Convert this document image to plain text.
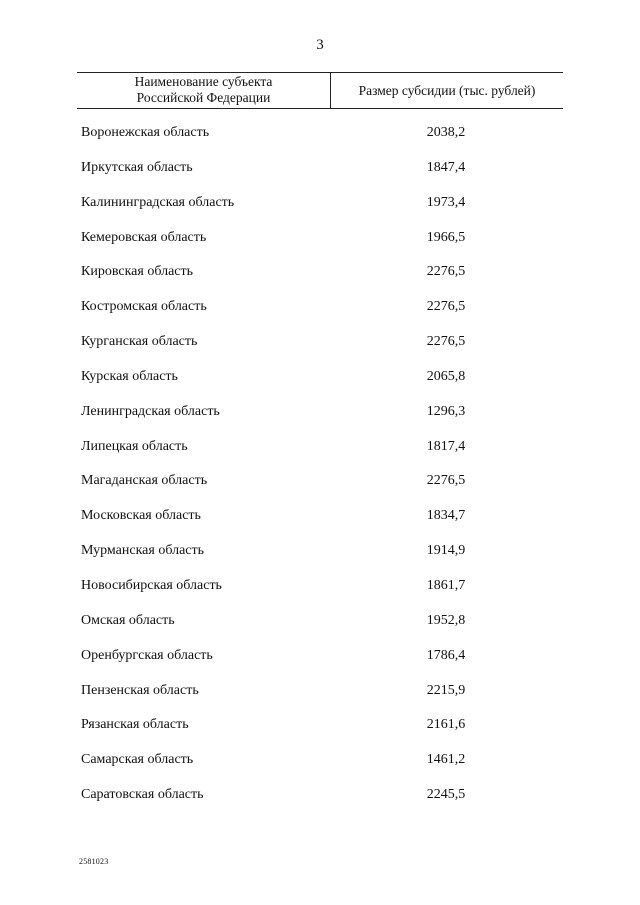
3
Наименование субъекта
Российской Федерации	Размер субсидии (тыс. рублей)
Воронежская область	2038,2
Иркутская область	1847,4
Калининградская область	1973,4
Кемеровская область	1966,5
Кировская область	2276,5
Костромская область	2276,5
Курганская область	2276,5
Курская область	2065,8
Ленинградская область	1296,3
Липецкая область	1817,4
Магаданская область	2276,5
Московская область	1834,7
Мурманская область	1914,9
Новосибирская область	1861,7
Омская область	1952,8
Оренбургская область	1786,4
Пензенская область	2215,9
Рязанская область	2161,6
Самарская область	1461,2
Саратовская область	2245,5
2581023
